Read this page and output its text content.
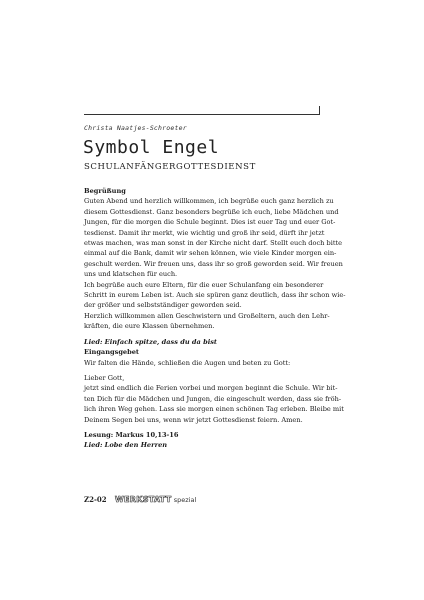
Christa Naatjes-Schroeter
Symbol Engel
SCHULANFÄNGERGOTTESDIENST
Begrüßung
Guten Abend und herzlich willkommen, ich begrüße euch ganz herzlich zu
diesem Gottesdienst. Ganz besonders begrüße ich euch, liebe Mädchen und
Jungen, für die morgen die Schule beginnt. Dies ist euer Tag und euer Got-
tesdienst. Damit ihr merkt, wie wichtig und groß ihr seid, dürft ihr jetzt
etwas machen, was man sonst in der Kirche nicht darf. Stellt euch doch bitte
einmal auf die Bank, damit wir sehen können, wie viele Kinder morgen ein-
geschult werden. Wir freuen uns, dass ihr so groß geworden seid. Wir freuen
uns und klatschen für euch.
Ich begrüße auch eure Eltern, für die euer Schulanfang ein besonderer
Schritt in eurem Leben ist. Auch sie spüren ganz deutlich, dass ihr schon wie-
der größer und selbstständiger geworden seid.
Herzlich willkommen allen Geschwistern und Großeltern, auch den Lehr-
kräften, die eure Klassen übernehmen.
Lied: Einfach spitze, dass du da bist
Eingangsgebet
Wir falten die Hände, schließen die Augen und beten zu Gott:
Lieber Gott,
jetzt sind endlich die Ferien vorbei und morgen beginnt die Schule. Wir bit-
ten Dich für die Mädchen und Jungen, die eingeschult werden, dass sie fröh-
lich ihren Weg gehen. Lass sie morgen einen schönen Tag erleben. Bleibe mit
Deinem Segen bei uns, wenn wir jetzt Gottesdienst feiern. Amen.
Lesung: Markus 10,13-16
Lied: Lobe den Herren
Z2-02 WERKSTATT spezial
